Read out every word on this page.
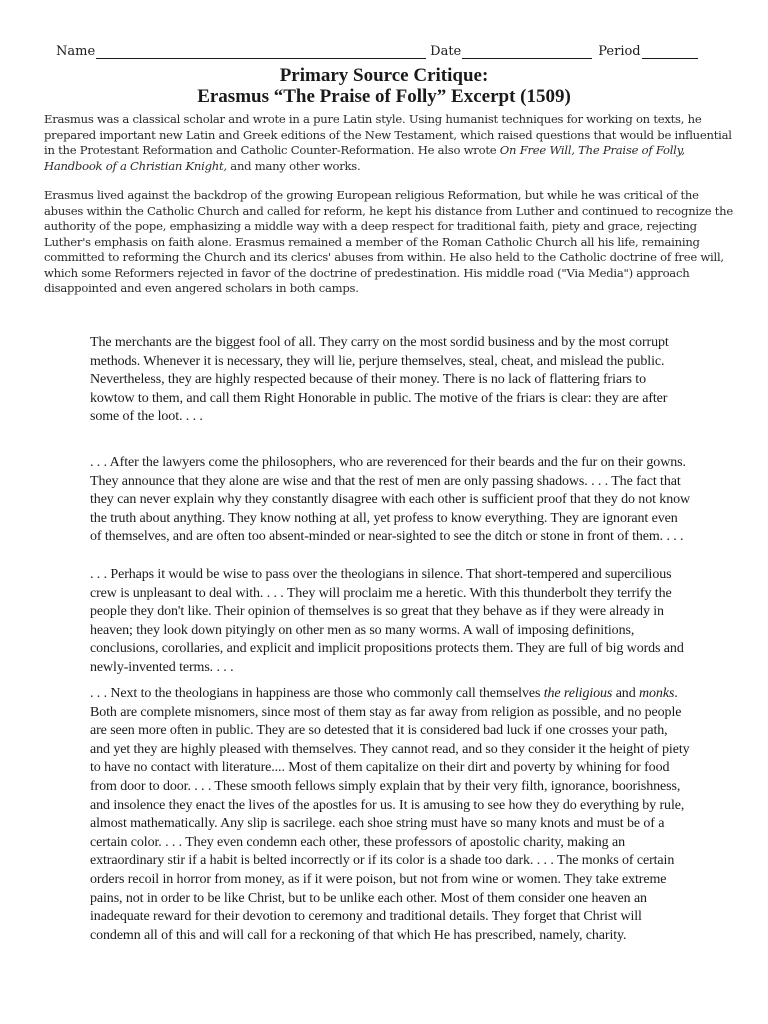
Name	Date	Period
Primary Source Critique:
Erasmus “The Praise of Folly” Excerpt (1509)
Erasmus was a classical scholar and wrote in a pure Latin style. Using humanist techniques for working on texts, he prepared important new Latin and Greek editions of the New Testament, which raised questions that would be influential in the Protestant Reformation and Catholic Counter-Reformation. He also wrote On Free Will, The Praise of Folly, Handbook of a Christian Knight, and many other works.
Erasmus lived against the backdrop of the growing European religious Reformation, but while he was critical of the abuses within the Catholic Church and called for reform, he kept his distance from Luther and continued to recognize the authority of the pope, emphasizing a middle way with a deep respect for traditional faith, piety and grace, rejecting Luther's emphasis on faith alone. Erasmus remained a member of the Roman Catholic Church all his life, remaining committed to reforming the Church and its clerics' abuses from within. He also held to the Catholic doctrine of free will, which some Reformers rejected in favor of the doctrine of predestination. His middle road ("Via Media") approach disappointed and even angered scholars in both camps.
The merchants are the biggest fool of all. They carry on the most sordid business and by the most corrupt methods. Whenever it is necessary, they will lie, perjure themselves, steal, cheat, and mislead the public. Nevertheless, they are highly respected because of their money. There is no lack of flattering friars to kowtow to them, and call them Right Honorable in public. The motive of the friars is clear: they are after some of the loot. . . .
. . . After the lawyers come the philosophers, who are reverenced for their beards and the fur on their gowns. They announce that they alone are wise and that the rest of men are only passing shadows. . . . The fact that they can never explain why they constantly disagree with each other is sufficient proof that they do not know the truth about anything. They know nothing at all, yet profess to know everything. They are ignorant even of themselves, and are often too absent-minded or near-sighted to see the ditch or stone in front of them. . . .
. . . Perhaps it would be wise to pass over the theologians in silence. That short-tempered and supercilious crew is unpleasant to deal with. . . . They will proclaim me a heretic. With this thunderbolt they terrify the people they don't like. Their opinion of themselves is so great that they behave as if they were already in heaven; they look down pityingly on other men as so many worms. A wall of imposing definitions, conclusions, corollaries, and explicit and implicit propositions protects them. They are full of big words and newly-invented terms. . . .
. . . Next to the theologians in happiness are those who commonly call themselves the religious and monks. Both are complete misnomers, since most of them stay as far away from religion as possible, and no people are seen more often in public. They are so detested that it is considered bad luck if one crosses your path, and yet they are highly pleased with themselves. They cannot read, and so they consider it the height of piety to have no contact with literature.... Most of them capitalize on their dirt and poverty by whining for food from door to door. . . . These smooth fellows simply explain that by their very filth, ignorance, boorishness, and insolence they enact the lives of the apostles for us. It is amusing to see how they do everything by rule, almost mathematically. Any slip is sacrilege. each shoe string must have so many knots and must be of a certain color. . . . They even condemn each other, these professors of apostolic charity, making an extraordinary stir if a habit is belted incorrectly or if its color is a shade too dark. . . . The monks of certain orders recoil in horror from money, as if it were poison, but not from wine or women. They take extreme pains, not in order to be like Christ, but to be unlike each other. Most of them consider one heaven an inadequate reward for their devotion to ceremony and traditional details. They forget that Christ will condemn all of this and will call for a reckoning of that which He has prescribed, namely, charity.
